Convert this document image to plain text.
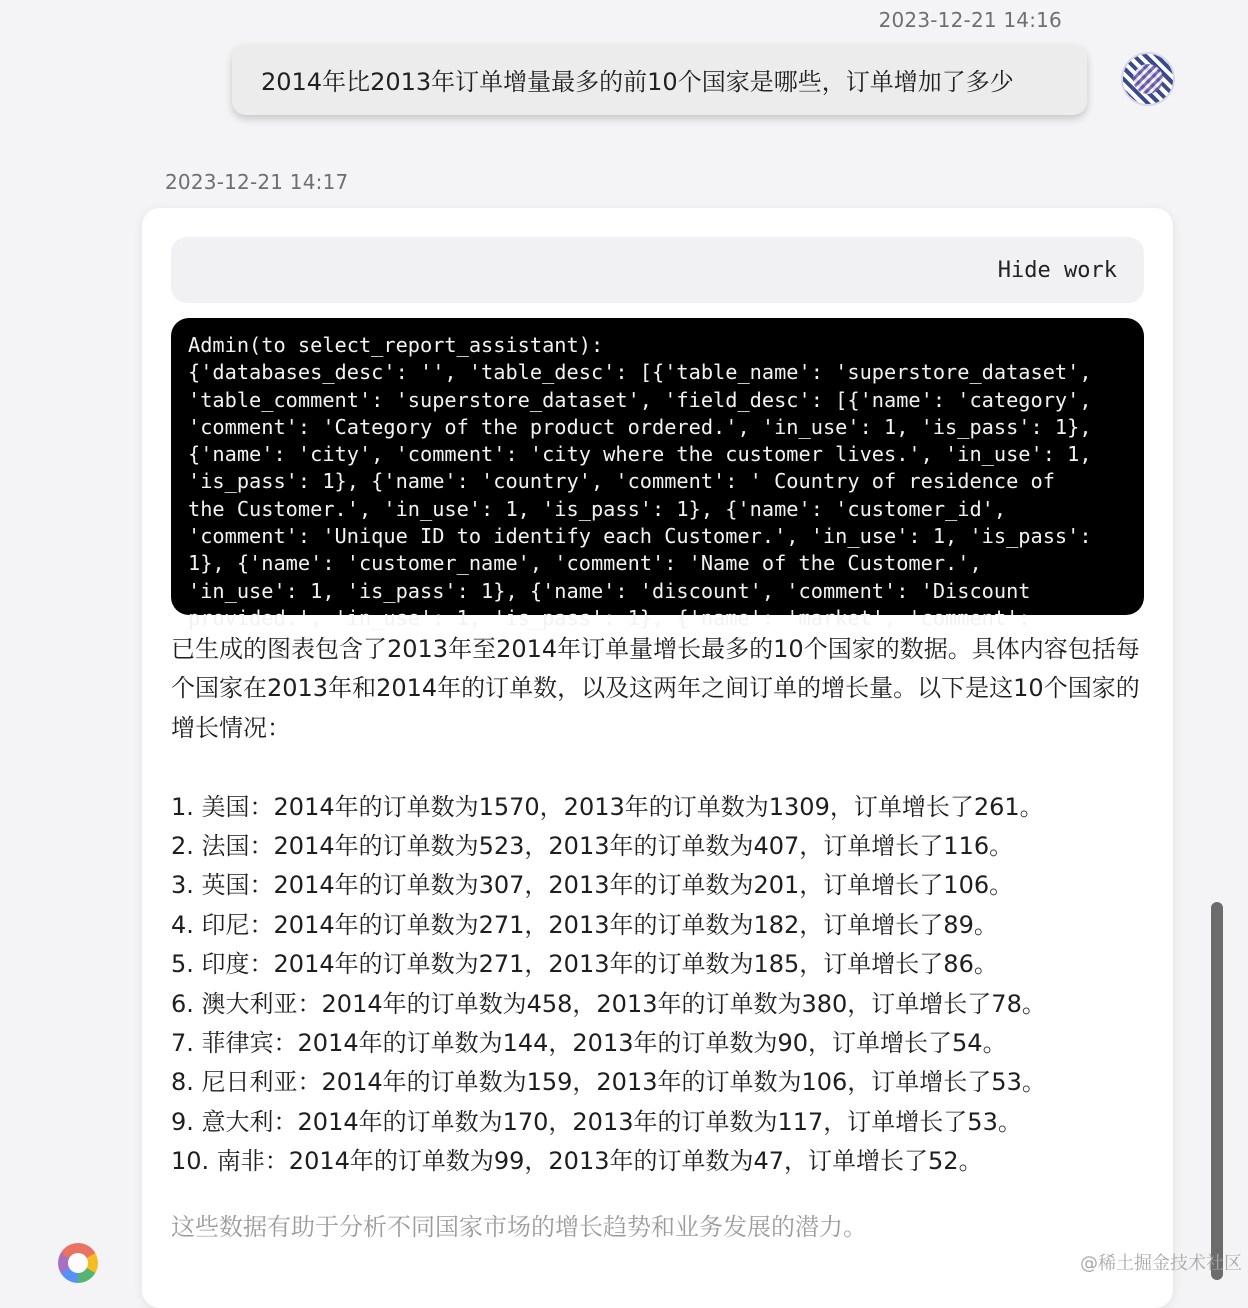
2023-12-21 14:16
2014年比2013年订单增量最多的前10个国家是哪些，订单增加了多少
2023-12-21 14:17
Hide work
Admin(to select_report_assistant):
{'databases_desc': '', 'table_desc': [{'table_name': 'superstore_dataset',
'table_comment': 'superstore_dataset', 'field_desc': [{'name': 'category',
'comment': 'Category of the product ordered.', 'in_use': 1, 'is_pass': 1},
{'name': 'city', 'comment': 'city where the customer lives.', 'in_use': 1,
'is_pass': 1}, {'name': 'country', 'comment': ' Country of residence of
the Customer.', 'in_use': 1, 'is_pass': 1}, {'name': 'customer_id',
'comment': 'Unique ID to identify each Customer.', 'in_use': 1, 'is_pass':
1}, {'name': 'customer_name', 'comment': 'Name of the Customer.',
'in_use': 1, 'is_pass': 1}, {'name': 'discount', 'comment': 'Discount
provided.', 'in_use': 1, 'is_pass': 1}, {'name': 'market', 'comment':
已生成的图表包含了2013年至2014年订单量增长最多的10个国家的数据。具体内容包括每个国家在2013年和2014年的订单数，以及这两年之间订单的增长量。以下是这10个国家的增长情况：
1. 美国：2014年的订单数为1570，2013年的订单数为1309，订单增长了261。
2. 法国：2014年的订单数为523，2013年的订单数为407，订单增长了116。
3. 英国：2014年的订单数为307，2013年的订单数为201，订单增长了106。
4. 印尼：2014年的订单数为271，2013年的订单数为182，订单增长了89。
5. 印度：2014年的订单数为271，2013年的订单数为185，订单增长了86。
6. 澳大利亚：2014年的订单数为458，2013年的订单数为380，订单增长了78。
7. 菲律宾：2014年的订单数为144，2013年的订单数为90，订单增长了54。
8. 尼日利亚：2014年的订单数为159，2013年的订单数为106，订单增长了53。
9. 意大利：2014年的订单数为170，2013年的订单数为117，订单增长了53。
10. 南非：2014年的订单数为99，2013年的订单数为47，订单增长了52。
这些数据有助于分析不同国家市场的增长趋势和业务发展的潜力。
@稀土掘金技术社区
